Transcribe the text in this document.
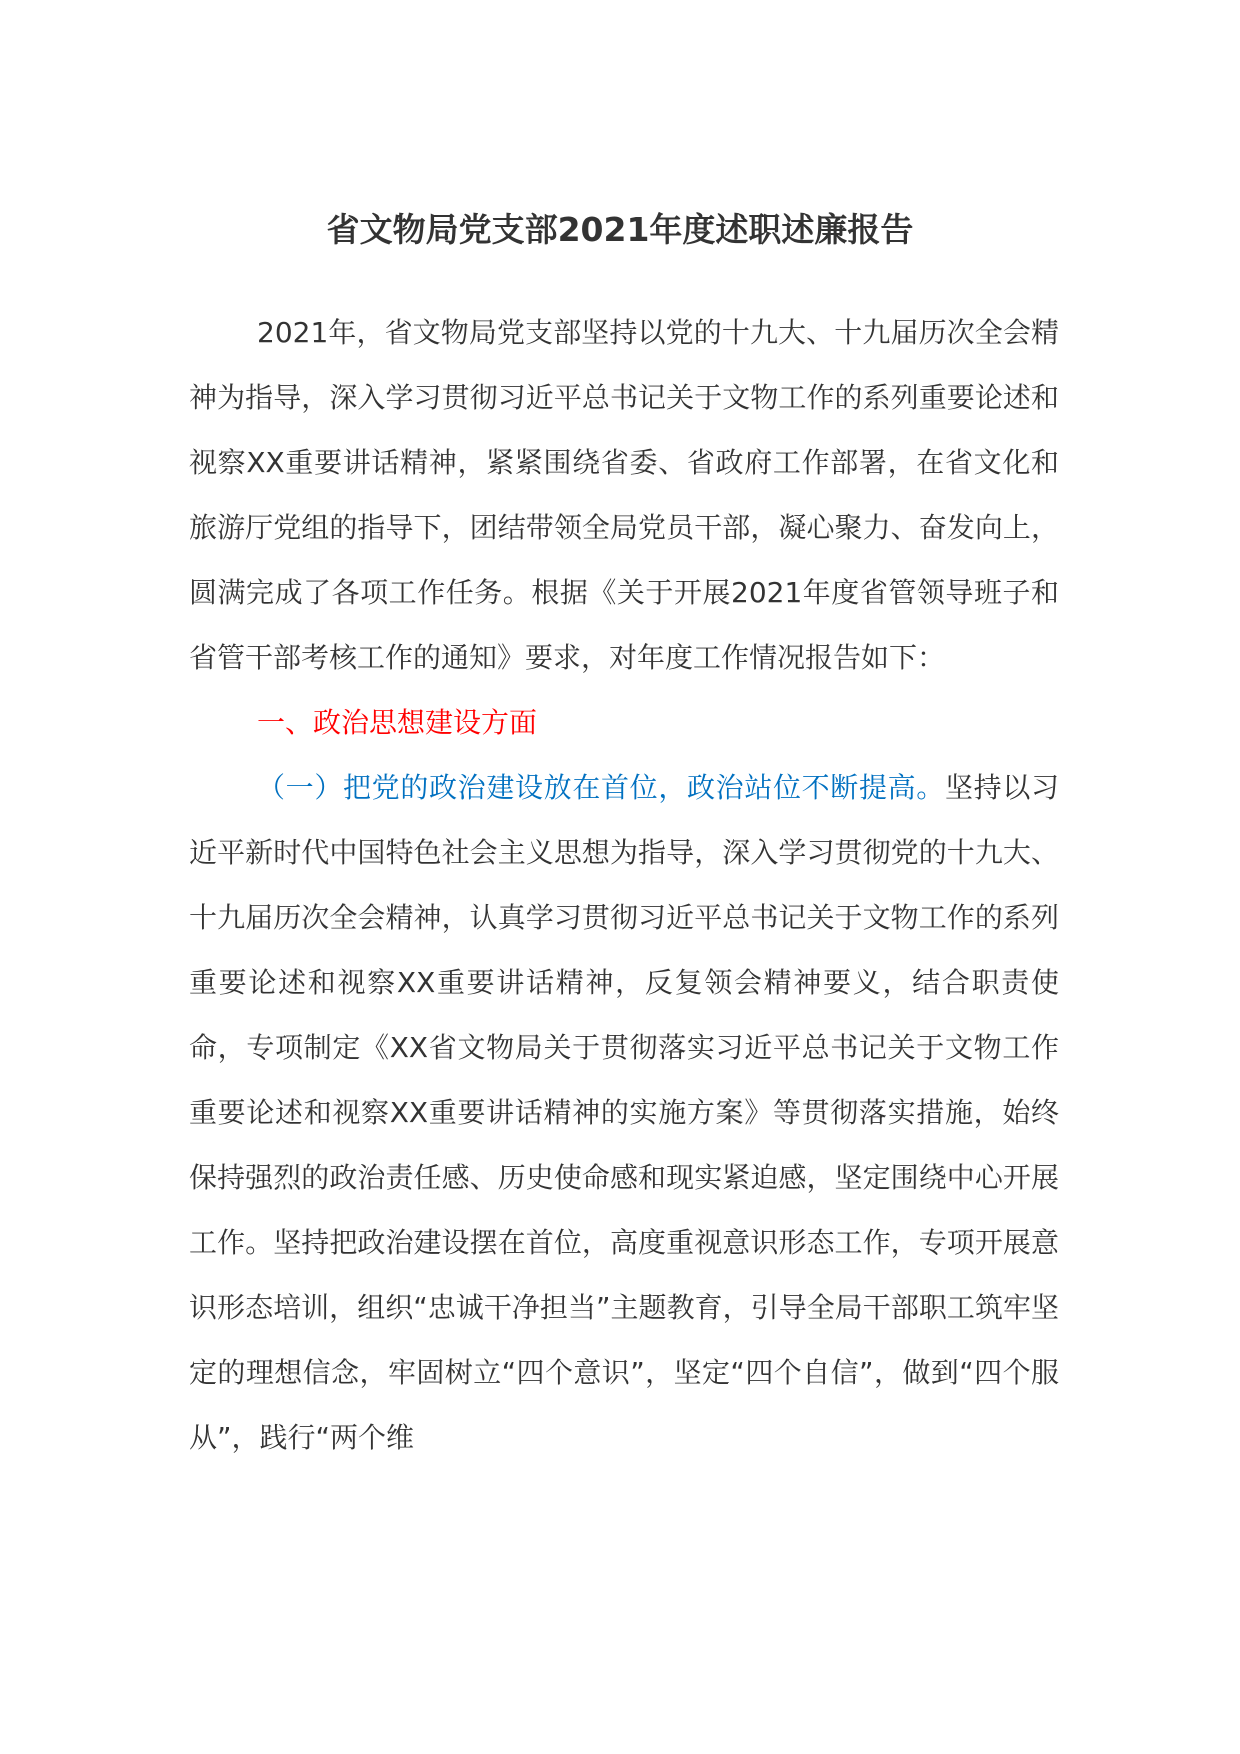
省文物局党支部2021年度述职述廉报告

2021年，省文物局党支部坚持以党的十九大、十九届历次全会精神为指导，深入学习贯彻习近平总书记关于文物工作的系列重要论述和视察XX重要讲话精神，紧紧围绕省委、省政府工作部署，在省文化和旅游厅党组的指导下，团结带领全局党员干部，凝心聚力、奋发向上，圆满完成了各项工作任务。根据《关于开展2021年度省管领导班子和省管干部考核工作的通知》要求，对年度工作情况报告如下：

一、政治思想建设方面

（一）把党的政治建设放在首位，政治站位不断提高。坚持以习近平新时代中国特色社会主义思想为指导，深入学习贯彻党的十九大、十九届历次全会精神，认真学习贯彻习近平总书记关于文物工作的系列重要论述和视察XX重要讲话精神，反复领会精神要义，结合职责使命，专项制定《XX省文物局关于贯彻落实习近平总书记关于文物工作重要论述和视察XX重要讲话精神的实施方案》等贯彻落实措施，始终保持强烈的政治责任感、历史使命感和现实紧迫感，坚定围绕中心开展工作。坚持把政治建设摆在首位，高度重视意识形态工作，专项开展意识形态培训，组织“忠诚干净担当”主题教育，引导全局干部职工筑牢坚定的理想信念，牢固树立“四个意识”，坚定“四个自信”，做到“四个服从”，践行“两个维
